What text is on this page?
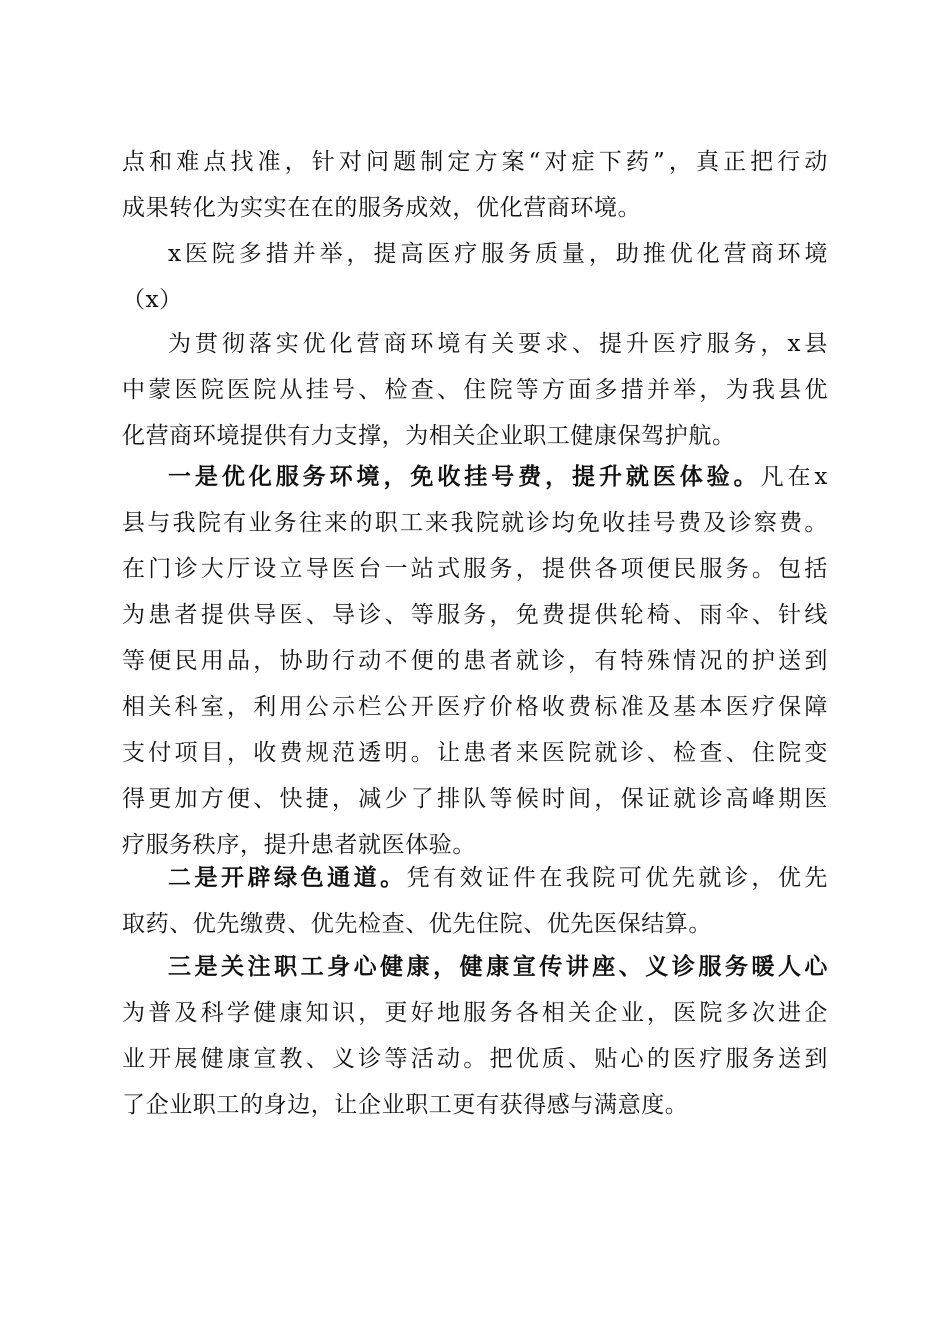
点和难点找准，针对问题制定方案“对症下药”，真正把行动
成果转化为实实在在的服务成效，优化营商环境。
x医院多措并举，提高医疗服务质量，助推优化营商环境
（x）
为贯彻落实优化营商环境有关要求、提升医疗服务，x县
中蒙医院医院从挂号、检查、住院等方面多措并举，为我县优
化营商环境提供有力支撑，为相关企业职工健康保驾护航。
一是优化服务环境，免收挂号费，提升就医体验。凡在x
县与我院有业务往来的职工来我院就诊均免收挂号费及诊察费。
在门诊大厅设立导医台一站式服务，提供各项便民服务。包括
为患者提供导医、导诊、等服务，免费提供轮椅、雨伞、针线
等便民用品，协助行动不便的患者就诊，有特殊情况的护送到
相关科室，利用公示栏公开医疗价格收费标准及基本医疗保障
支付项目，收费规范透明。让患者来医院就诊、检查、住院变
得更加方便、快捷，减少了排队等候时间，保证就诊高峰期医
疗服务秩序，提升患者就医体验。
二是开辟绿色通道。凭有效证件在我院可优先就诊，优先
取药、优先缴费、优先检查、优先住院、优先医保结算。
三是关注职工身心健康，健康宣传讲座、义诊服务暖人心
为普及科学健康知识，更好地服务各相关企业，医院多次进企
业开展健康宣教、义诊等活动。把优质、贴心的医疗服务送到
了企业职工的身边，让企业职工更有获得感与满意度。
